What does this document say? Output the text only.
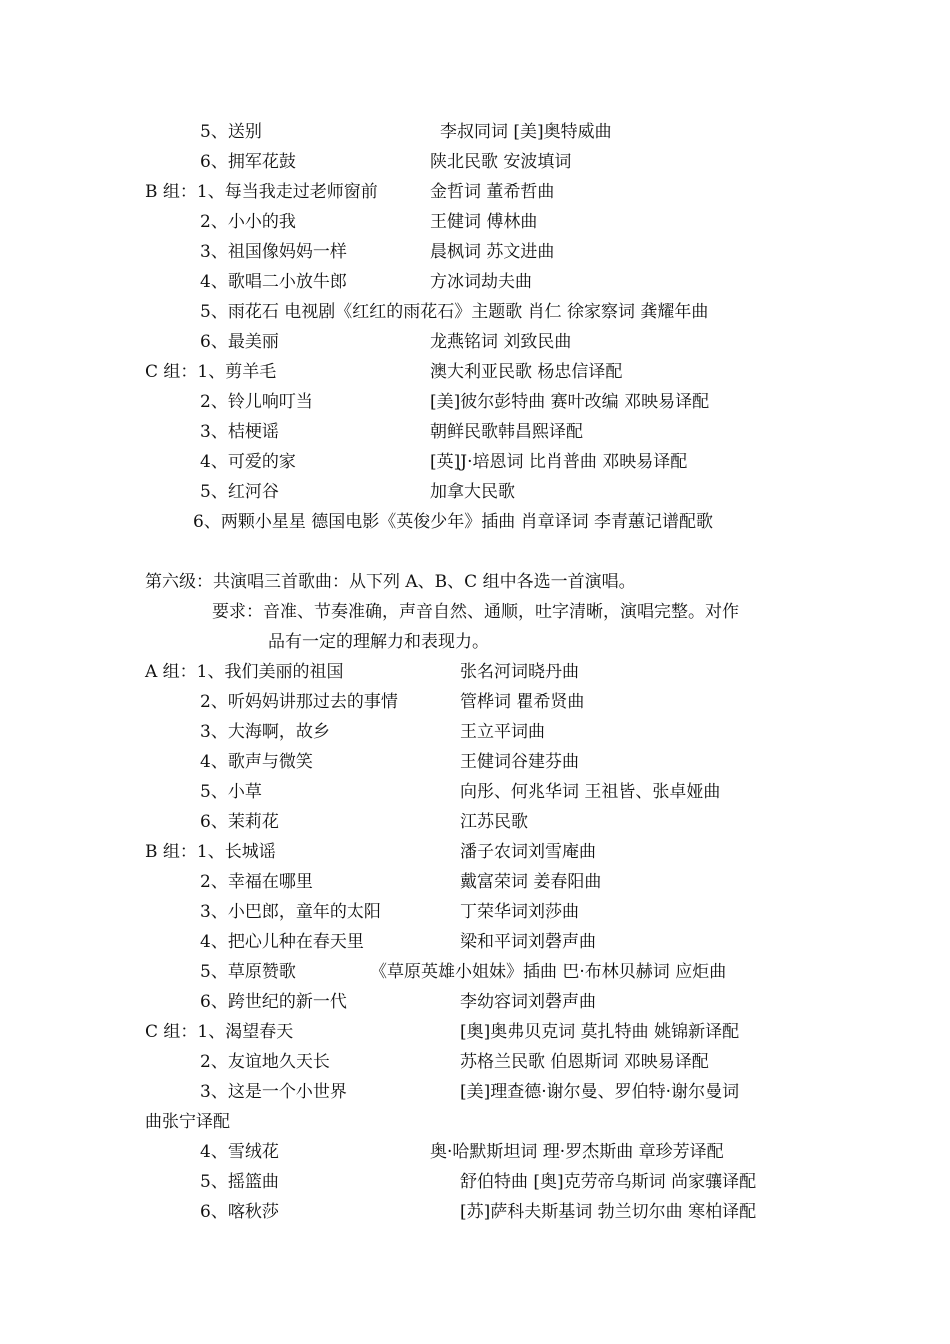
5、送别	李叔同词 [美]奥特威曲
6、拥军花鼓	陕北民歌 安波填词
B 组：1、每当我走过老师窗前	金哲词 董希哲曲
2、小小的我	王健词 傅林曲
3、祖国像妈妈一样	晨枫词 苏文进曲
4、歌唱二小放牛郎	方冰词劫夫曲
5、雨花石 电视剧《红红的雨花石》主题歌 肖仁 徐家察词 龚耀年曲
6、最美丽	龙燕铭词 刘致民曲
C 组：1、剪羊毛	澳大利亚民歌 杨忠信译配
2、铃儿响叮当	[美]彼尔彭特曲 赛叶改编 邓映易译配
3、桔梗谣	朝鲜民歌韩昌熙译配
4、可爱的家	[英]J·培恩词 比肖普曲 邓映易译配
5、红河谷	加拿大民歌
6、两颗小星星 德国电影《英俊少年》插曲 肖章译词 李青蕙记谱配歌
第六级：共演唱三首歌曲：从下列 A、B、C 组中各选一首演唱。
要求：音准、节奏准确，声音自然、通顺，吐字清晰，演唱完整。对作
品有一定的理解力和表现力。
A 组：1、我们美丽的祖国	张名河词晓丹曲
2、听妈妈讲那过去的事情	管桦词 瞿希贤曲
3、大海啊，故乡	王立平词曲
4、歌声与微笑	王健词谷建芬曲
5、小草	向彤、何兆华词 王祖皆、张卓娅曲
6、茉莉花	江苏民歌
B 组：1、长城谣	潘子农词刘雪庵曲
2、幸福在哪里	戴富荣词 姜春阳曲
3、小巴郎，童年的太阳	丁荣华词刘莎曲
4、把心儿种在春天里	梁和平词刘磬声曲
5、草原赞歌	《草原英雄小姐妹》插曲 巴·布林贝赫词 应炬曲
6、跨世纪的新一代	李幼容词刘磬声曲
C 组：1、渴望春天	[奥]奥弗贝克词 莫扎特曲 姚锦新译配
2、友谊地久天长	苏格兰民歌 伯恩斯词 邓映易译配
3、这是一个小世界	[美]理查德·谢尔曼、罗伯特·谢尔曼词
曲张宁译配
4、雪绒花	奥·哈默斯坦词 理·罗杰斯曲 章珍芳译配
5、摇篮曲	舒伯特曲 [奥]克劳帝乌斯词 尚家骧译配
6、喀秋莎	[苏]萨科夫斯基词 勃兰切尔曲 寒柏译配
